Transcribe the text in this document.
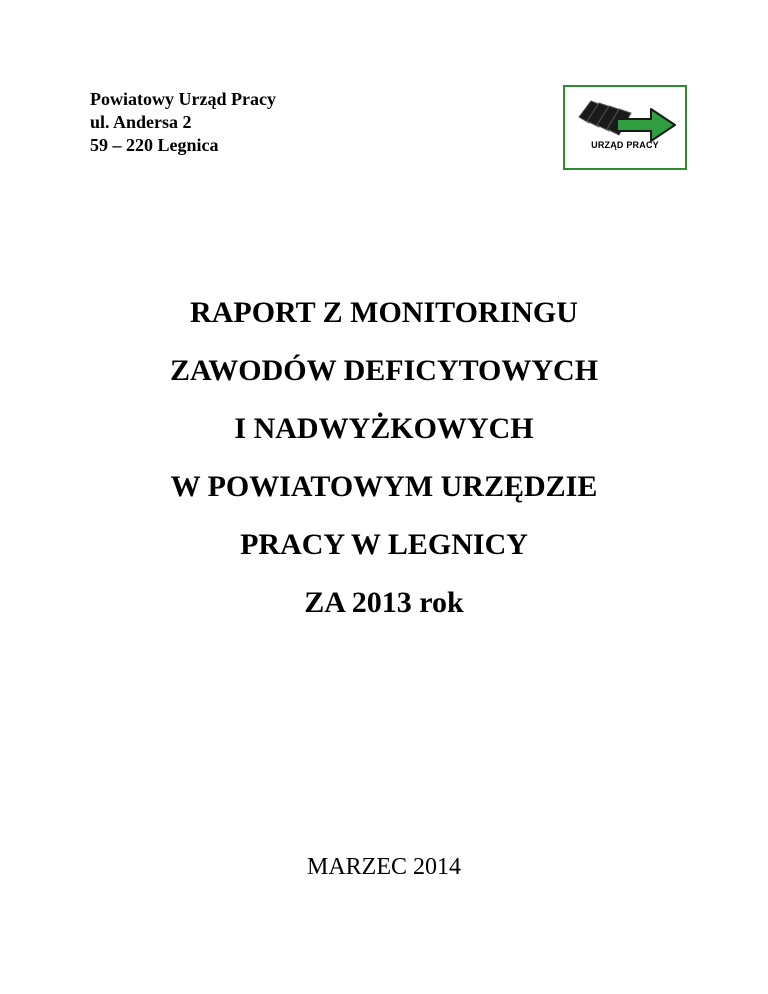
Powiatowy Urząd Pracy
ul. Andersa 2
59 – 220 Legnica	URZĄD PRACY
RAPORT Z MONITORINGU
ZAWODÓW DEFICYTOWYCH
I NADWYŻKOWYCH
W POWIATOWYM URZĘDZIE
PRACY W LEGNICY
ZA 2013 rok
MARZEC 2014
